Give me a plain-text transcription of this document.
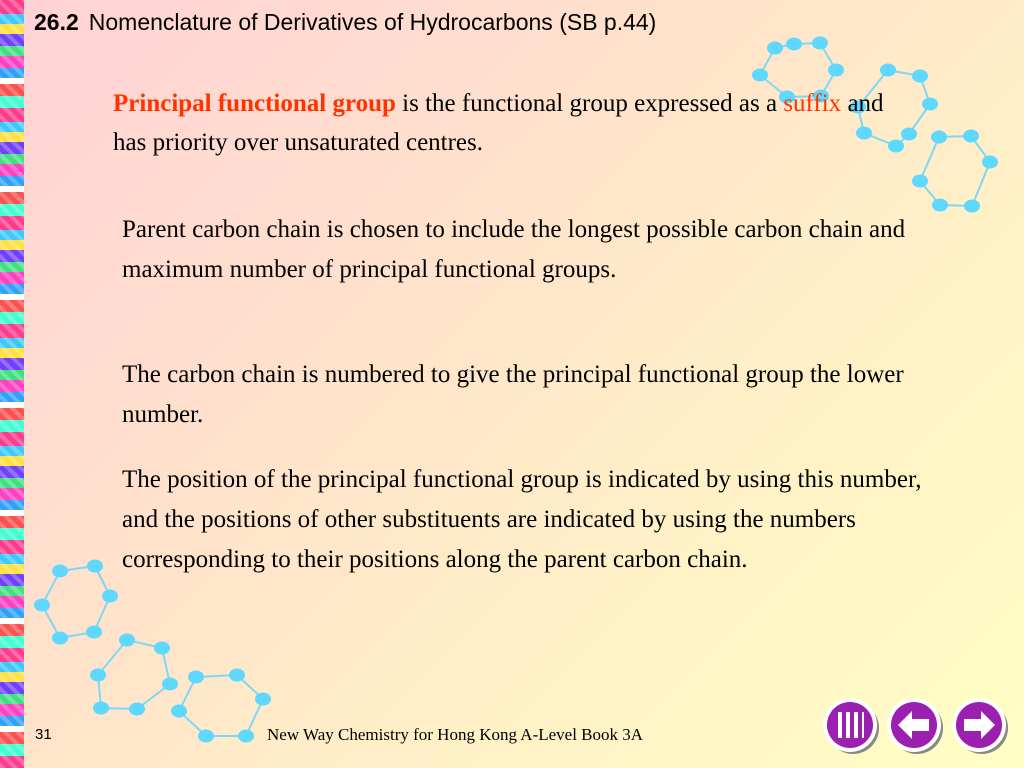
26.2 Nomenclature of Derivatives of Hydrocarbons (SB p.44)
Principal functional group is the functional group expressed as a suffix and has priority over unsaturated centres.
Parent carbon chain is chosen to include the longest possible carbon chain and maximum number of principal functional groups.
The carbon chain is numbered to give the principal functional group the lower number.
The position of the principal functional group is indicated by using this number, and the positions of other substituents are indicated by using the numbers corresponding to their positions along the parent carbon chain.
31	New Way Chemistry for Hong Kong A-Level Book 3A
